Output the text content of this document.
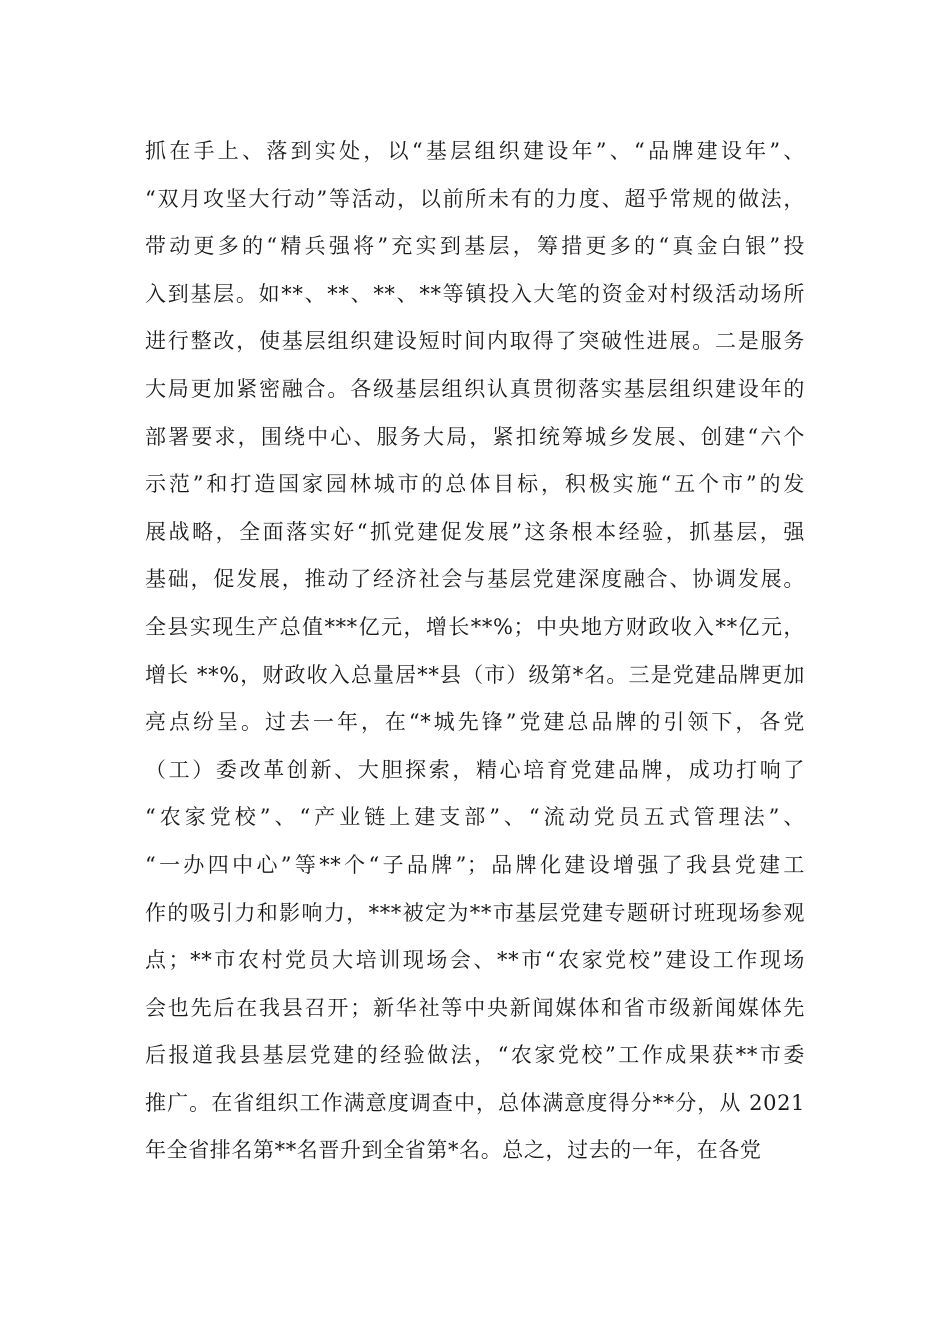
抓在手上、落到实处，以“基层组织建设年”、“品牌建设年”、
“双月攻坚大行动”等活动，以前所未有的力度、超乎常规的做法，
带动更多的“精兵强将”充实到基层，筹措更多的“真金白银”投
入到基层。如**、**、**、**等镇投入大笔的资金对村级活动场所
进行整改，使基层组织建设短时间内取得了突破性进展。二是服务
大局更加紧密融合。各级基层组织认真贯彻落实基层组织建设年的
部署要求，围绕中心、服务大局，紧扣统筹城乡发展、创建“六个
示范”和打造国家园林城市的总体目标，积极实施“五个市”的发
展战略，全面落实好“抓党建促发展”这条根本经验，抓基层，强
基础，促发展，推动了经济社会与基层党建深度融合、协调发展。
全县实现生产总值***亿元，增长**%；中央地方财政收入**亿元，
增长 **%，财政收入总量居**县（市）级第*名。三是党建品牌更加
亮点纷呈。过去一年，在“*城先锋”党建总品牌的引领下，各党
（工）委改革创新、大胆探索，精心培育党建品牌，成功打响了
“农家党校”、“产业链上建支部”、“流动党员五式管理法”、
“一办四中心”等**个“子品牌”；品牌化建设增强了我县党建工
作的吸引力和影响力，***被定为**市基层党建专题研讨班现场参观
点；**市农村党员大培训现场会、**市“农家党校”建设工作现场
会也先后在我县召开；新华社等中央新闻媒体和省市级新闻媒体先
后报道我县基层党建的经验做法，“农家党校”工作成果获**市委
推广。在省组织工作满意度调查中，总体满意度得分**分，从 2021
年全省排名第**名晋升到全省第*名。总之，过去的一年，在各党
